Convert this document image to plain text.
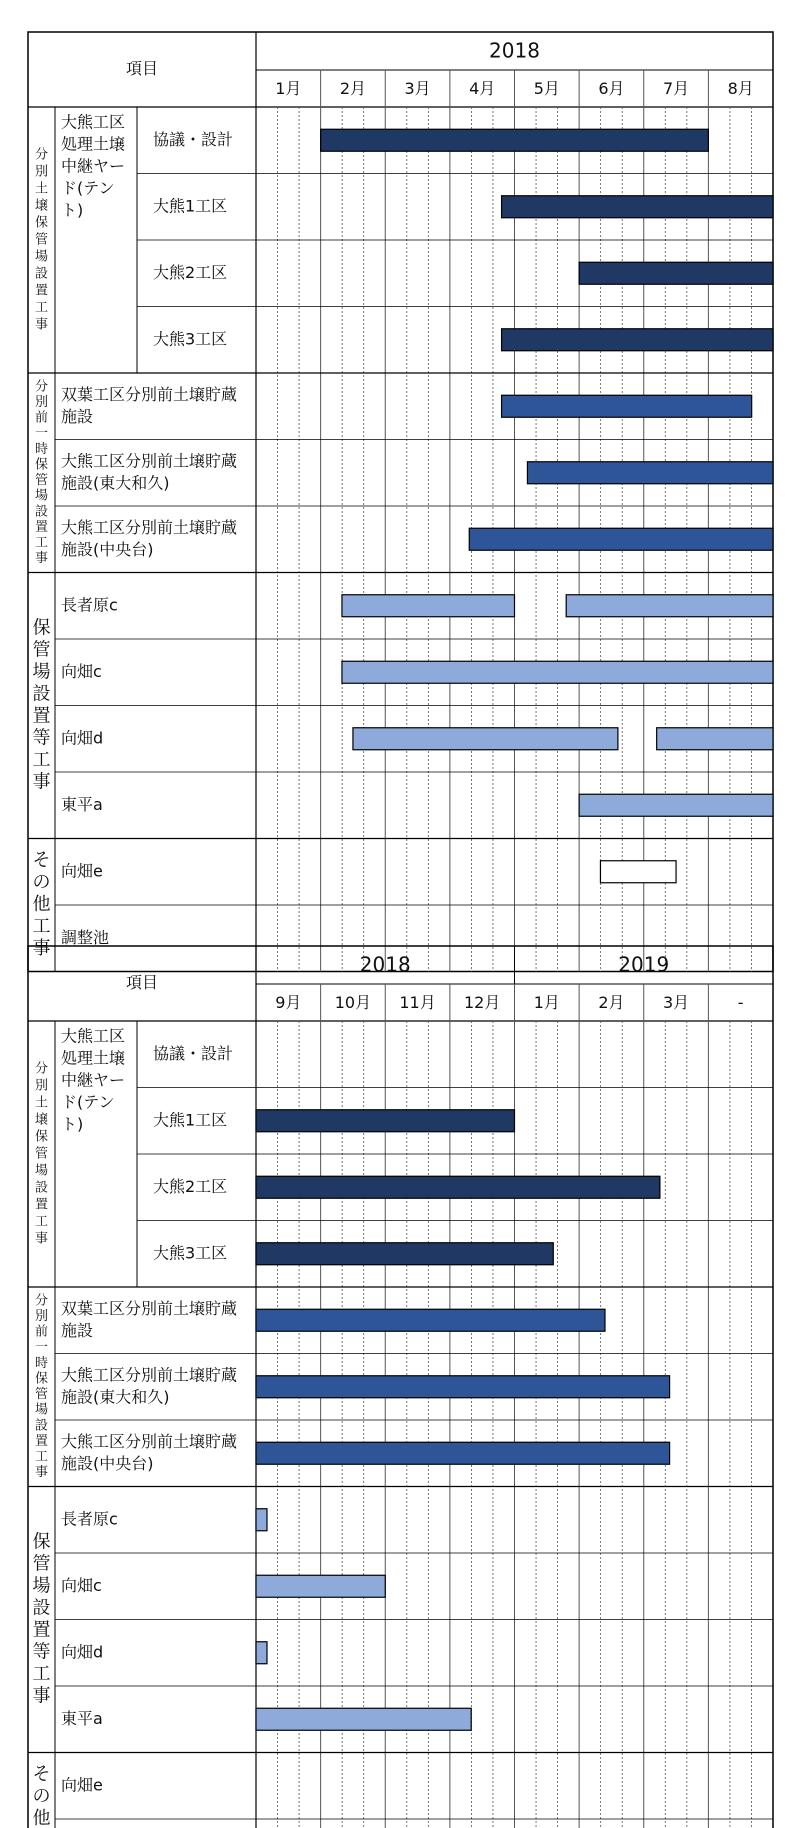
項目
2018
1月 2月 3月 4月 5月 6月 7月 8月
分
別
土
壌
保
管
場
設
置
工
事
大熊工区
処理土壌
中継ヤー
ド(テン
ト)
分
別
前
一
時
保
管
場
設
置
工
事
保
管
場
設
置
等
工
事
そ
の
他
工
事
協議・設計
大熊1工区
大熊2工区
大熊3工区
双葉工区分別前土壌貯蔵
施設
大熊工区分別前土壌貯蔵
施設(東大和久)
大熊工区分別前土壌貯蔵
施設(中央台)
長者原c
向畑c
向畑d
東平a
向畑e
調整池
項目
2018	2019
9月 10月 11月 12月 1月 2月 3月	-
分
別
土
壌
保
管
場
設
置
工
事
大熊工区
処理土壌
中継ヤー
ド(テン
ト)
分
別
前
一
時
保
管
場
設
置
工
事
保
管
場
設
置
等
工
事
そ
の
他
協議・設計
大熊1工区
大熊2工区
大熊3工区
双葉工区分別前土壌貯蔵
施設
大熊工区分別前土壌貯蔵
施設(東大和久)
大熊工区分別前土壌貯蔵
施設(中央台)
長者原c
向畑c
向畑d
東平a
向畑e
